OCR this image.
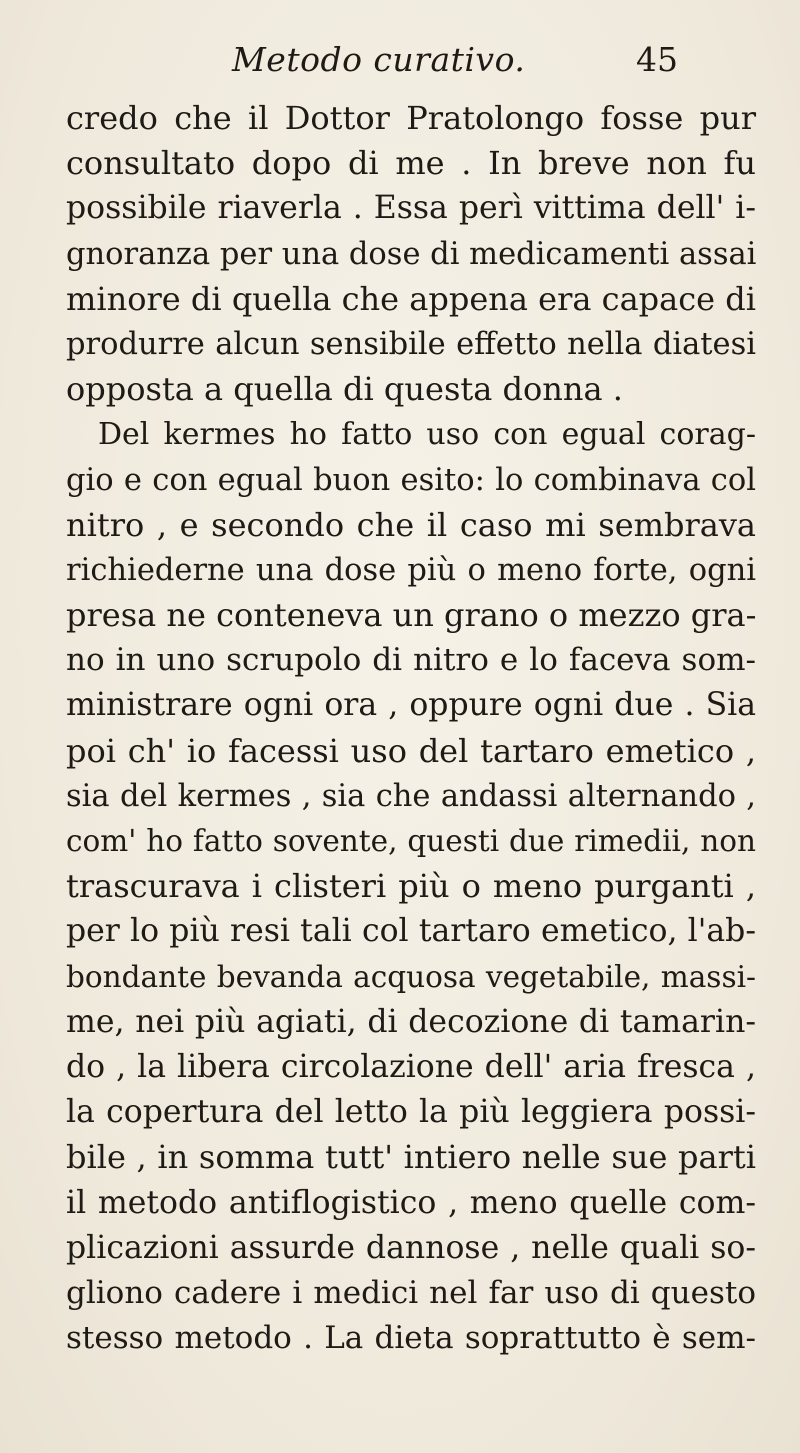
Metodo curativo.	45
credo che il Dottor Pratolongo fosse pur
consultato dopo di me . In breve non fu
possibile riaverla . Essa perì vittima dell' i-
gnoranza per una dose di medicamenti assai
minore di quella che appena era capace di
produrre alcun sensibile effetto nella diatesi
opposta a quella di questa donna .
Del kermes ho fatto uso con egual corag-
gio e con egual buon esito: lo combinava col
nitro , e secondo che il caso mi sembrava
richiederne una dose più o meno forte, ogni
presa ne conteneva un grano o mezzo gra-
no in uno scrupolo di nitro e lo faceva som-
ministrare ogni ora , oppure ogni due . Sia
poi ch' io facessi uso del tartaro emetico ,
sia del kermes , sia che andassi alternando ,
com' ho fatto sovente, questi due rimedii, non
trascurava i clisteri più o meno purganti ,
per lo più resi tali col tartaro emetico, l'ab-
bondante bevanda acquosa vegetabile, massi-
me, nei più agiati, di decozione di tamarin-
do , la libera circolazione dell' aria fresca ,
la copertura del letto la più leggiera possi-
bile , in somma tutt' intiero nelle sue parti
il metodo antiflogistico , meno quelle com-
plicazioni assurde dannose , nelle quali so-
gliono cadere i medici nel far uso di questo
stesso metodo . La dieta soprattutto è sem-
